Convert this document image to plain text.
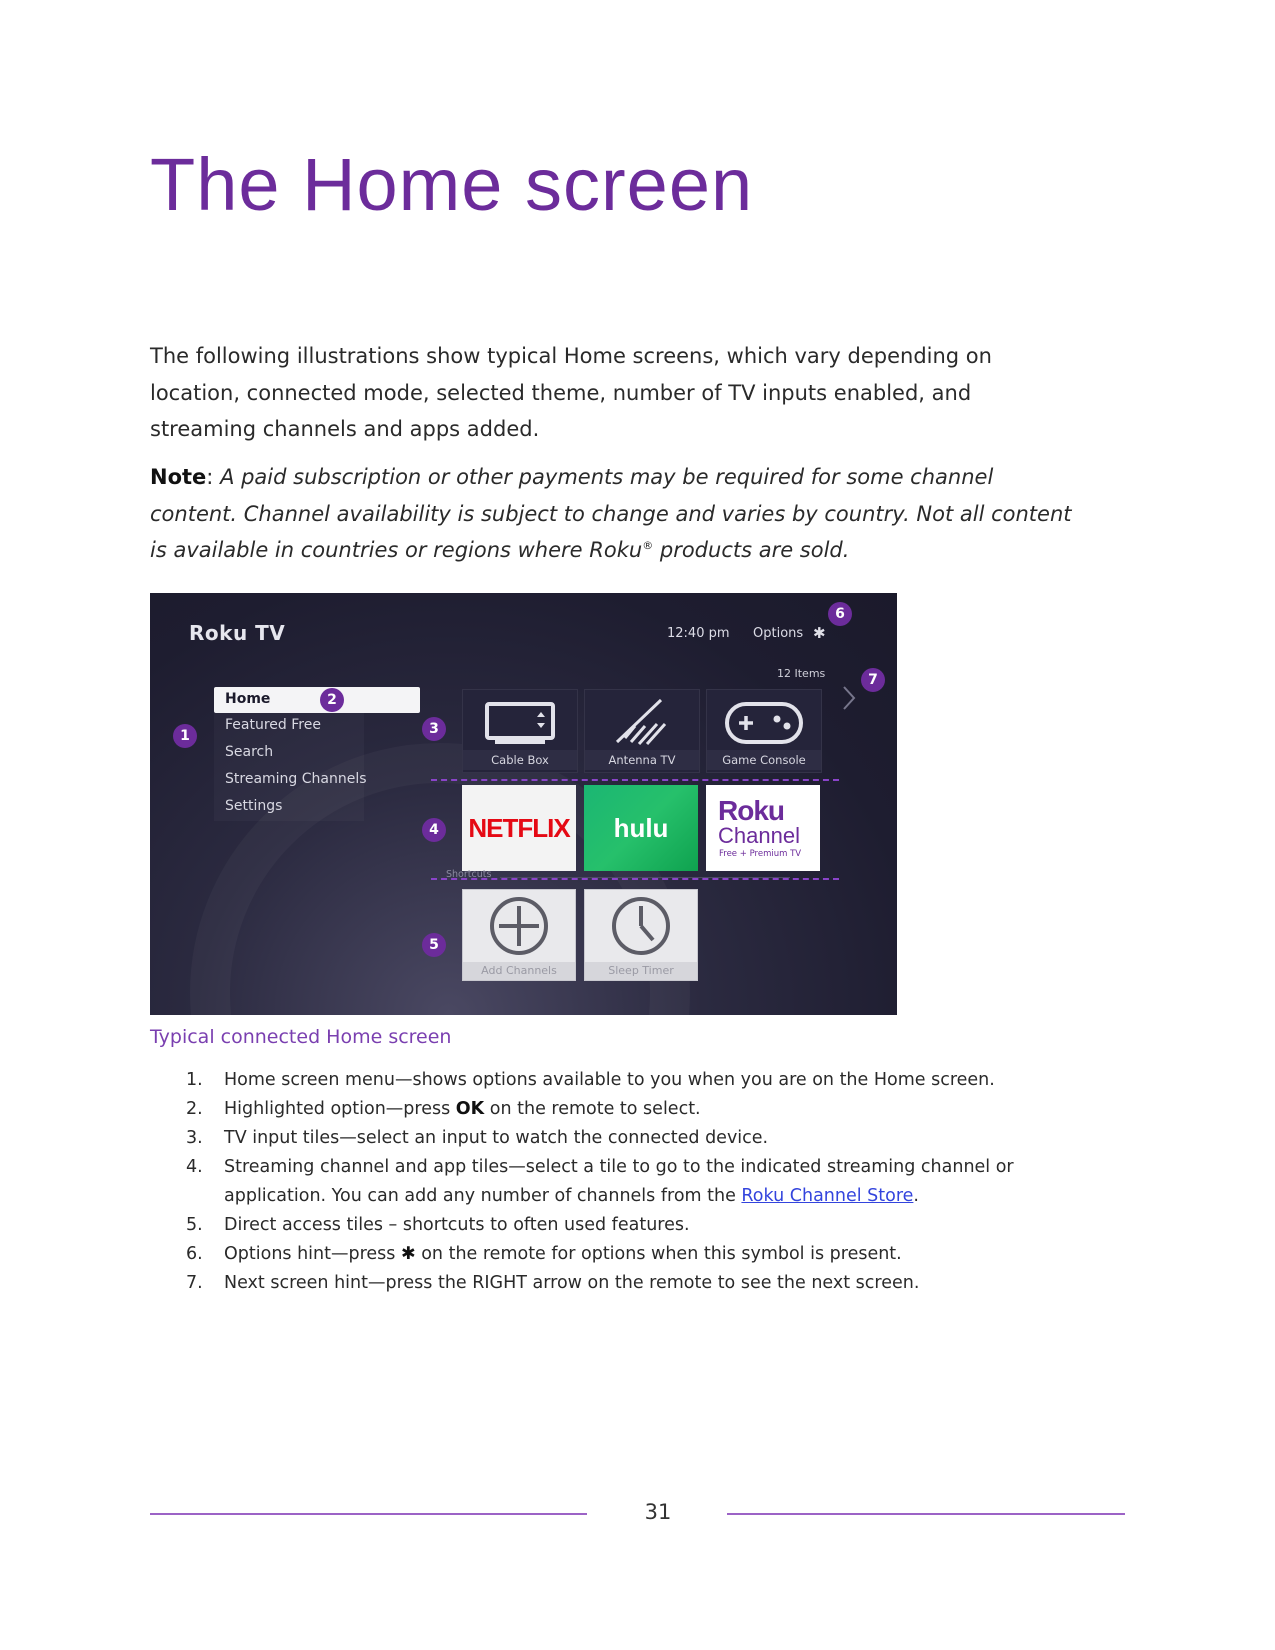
The Home screen

The following illustrations show typical Home screens, which vary depending on location, connected mode, selected theme, number of TV inputs enabled, and streaming channels and apps added.

Note: A paid subscription or other payments may be required for some channel content. Channel availability is subject to change and varies by country. Not all content is available in countries or regions where Roku® products are sold.

Roku TV	12:40 pm Options ✱
12 Items
Home
Featured Free
Search
Streaming Channels
Settings
Cable Box	Antenna TV	Game Console
NETFLIX	hulu
Roku
Channel
Free + Premium TV
Shortcuts
Add Channels	Sleep Timer
1
2
3
4
5
6
7

Typical connected Home screen

1. Home screen menu—shows options available to you when you are on the Home screen.
2. Highlighted option—press OK on the remote to select.
3. TV input tiles—select an input to watch the connected device.
4. Streaming channel and app tiles—select a tile to go to the indicated streaming channel or application. You can add any number of channels from the Roku Channel Store.
5. Direct access tiles – shortcuts to often used features.
6. Options hint—press ✱ on the remote for options when this symbol is present.
7. Next screen hint—press the RIGHT arrow on the remote to see the next screen.
31
